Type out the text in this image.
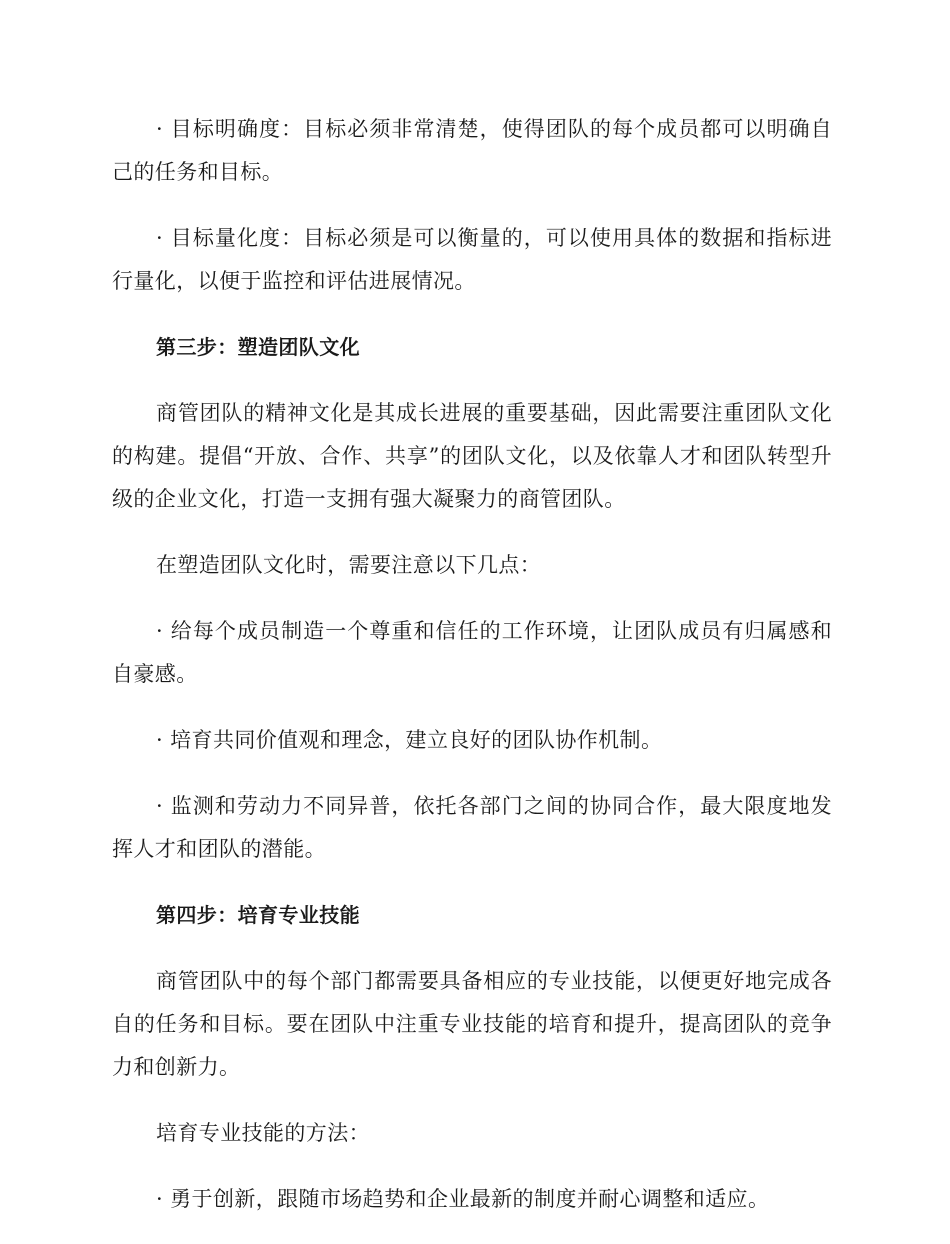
· 目标明确度：目标必须非常清楚，使得团队的每个成员都可以明确自己的任务和目标。

· 目标量化度：目标必须是可以衡量的，可以使用具体的数据和指标进行量化，以便于监控和评估进展情况。

第三步：塑造团队文化

商管团队的精神文化是其成长进展的重要基础，因此需要注重团队文化的构建。提倡“开放、合作、共享”的团队文化，以及依靠人才和团队转型升级的企业文化，打造一支拥有强大凝聚力的商管团队。

在塑造团队文化时，需要注意以下几点：

· 给每个成员制造一个尊重和信任的工作环境，让团队成员有归属感和自豪感。

· 培育共同价值观和理念，建立良好的团队协作机制。

· 监测和劳动力不同异普，依托各部门之间的协同合作，最大限度地发挥人才和团队的潜能。

第四步：培育专业技能

商管团队中的每个部门都需要具备相应的专业技能，以便更好地完成各自的任务和目标。要在团队中注重专业技能的培育和提升，提高团队的竞争力和创新力。

培育专业技能的方法：

· 勇于创新，跟随市场趋势和企业最新的制度并耐心调整和适应。
